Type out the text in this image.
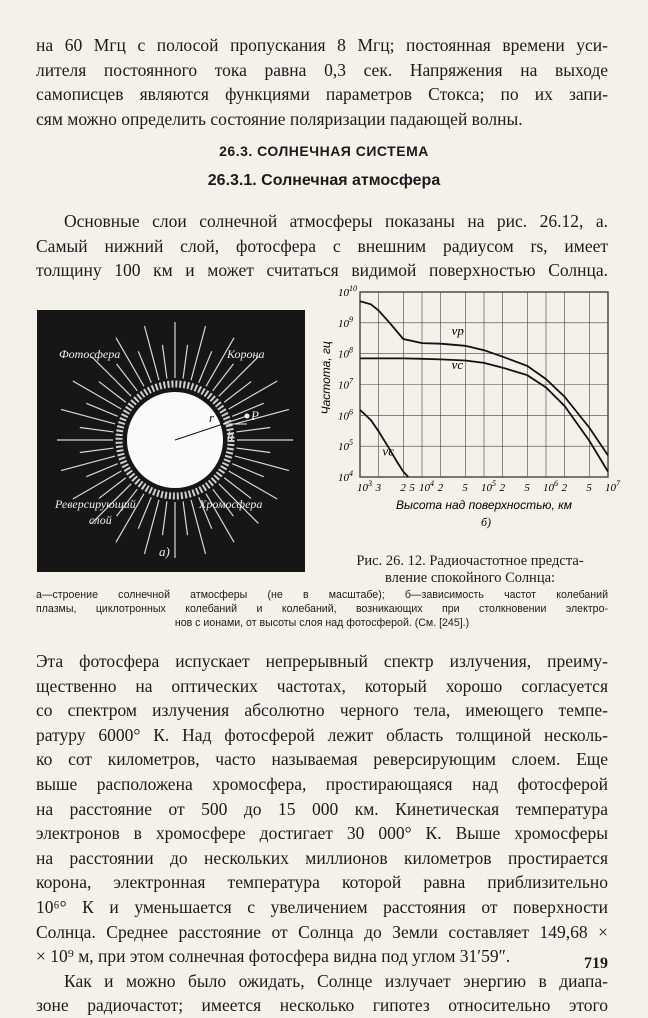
на 60 Мгц с полосой пропускания 8 Мгц; постоянная времени уси-
лителя постоянного тока равна 0,3 сек. Напряжения на выходе
самописцев являются функциями параметров Стокса; по их запи-
сям можно определить состояние поляризации падающей волны.
26.3. СОЛНЕЧНАЯ СИСТЕМА
26.3.1. Солнечная атмосфера
Основные слои солнечной атмосферы показаны на рис. 26.12, а.
Самый нижний слой, фотосфера с внешним радиусом rs, имеет
толщину 100 км и может считаться видимой поверхностью Солнца.
r	P
h
Фотосфера	Корона
Реверсирующий
слой
Хромосфера
а)
$10^3$ 3 2 5 $10^4$ 2 5 $10^5$ 2 5 $10^6$ 2 5 $10^7$
$10^4$
$10^5$
$10^6$
$10^7$
$10^8$
$10^9$
$10^{10}$
νp
νс
νс
Частота, гц
Высота над поверхностью, км
б)
Рис. 26. 12. Радиочастотное предста-
вление спокойного Солнца:
а—строение солнечной атмосферы (не в масштабе); б—зависимость частот колебаний
плазмы, циклотронных колебаний и колебаний, возникающих при столкновении электро-
нов с ионами, от высоты слоя над фотосферой. (См. [245].)
Эта фотосфера испускает непрерывный спектр излучения, преиму-
щественно на оптических частотах, который хорошо согласуется
со спектром излучения абсолютно черного тела, имеющего темпе-
ратуру 6000° К. Над фотосферой лежит область толщиной несколь-
ко сот километров, часто называемая реверсирующим слоем. Еще
выше расположена хромосфера, простирающаяся над фотосферой
на расстояние от 500 до 15 000 км. Кинетическая температура
электронов в хромосфере достигает 30 000° К. Выше хромосферы
на расстоянии до нескольких миллионов километров простирается
корона, электронная температура которой равна приблизительно
10⁶° К и уменьшается с увеличением расстояния от поверхности
Солнца. Среднее расстояние от Солнца до Земли составляет 149,68 ×
× 10⁹ м, при этом солнечная фотосфера видна под углом 31′59″.
Как и можно было ожидать, Солнце излучает энергию в диапа-
зоне радиочастот; имеется несколько гипотез относительно этого

719
